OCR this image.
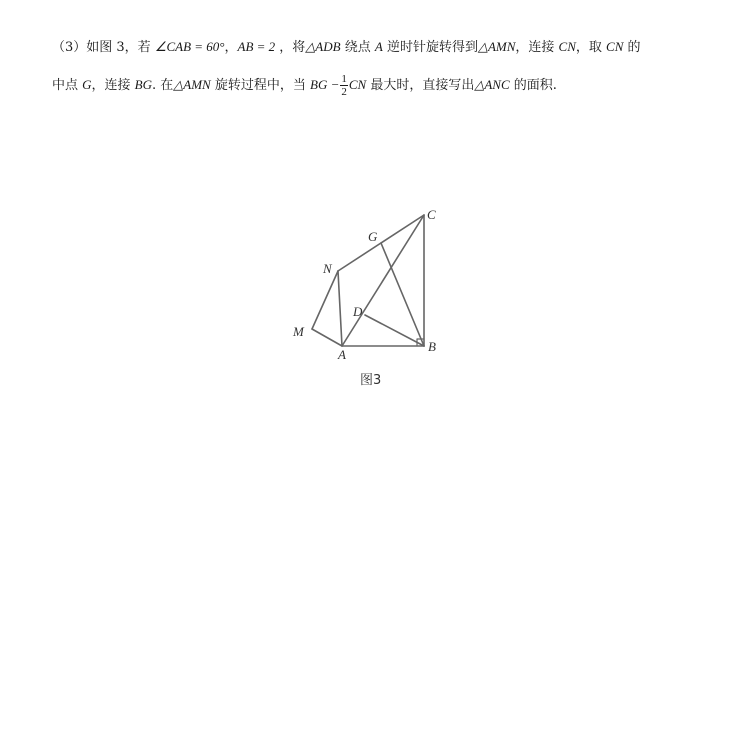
（3）如图 3，若 ∠CAB = 60°，AB = 2 ，将△ADB 绕点 A 逆时针旋转得到△AMN，连接 CN，取 CN 的
中点 G，连接 BG. 在△AMN 旋转过程中，当 BG − $\frac{1}{2}$ CN 最大时，直接写出△ANC 的面积.
C
G
N
D
M
A
B
图3
